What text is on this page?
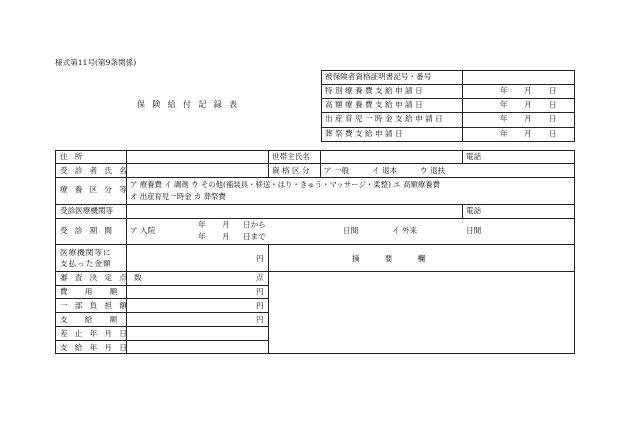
様式第11号(第9条関係)
保 険 給 付 記 録 表
被保険者資格証明書記号・番号
特 別 療 養 費 支 給 申 請 日	年 月 日
高 額 療 養 費 支 給 申 請 日	年 月 日
出 産 育 児 一 時 金 支 給 申 請 日	年 月 日
葬 祭 費 支 給 申 請 日	年 月 日
住 所	世帯主氏名	電話
受 診 者 氏 名	資 格 区 分 ア 一般　　　イ 退本　　　ウ 退扶
療 養 区 分 等
ア 療養費 イ 調剤 ウ その他(補装具・移送・はり・きゅう・マッサージ・柔整) エ 高額療養費
オ 出産育児一時金 カ 葬祭費
受診医療機関等	電話
受 診 期 間 ア 入院
年 月 日から
年 月 日まで
日間	イ 外来	日間
医療機関等に
支払った金額
円	摘 要 欄
審 査 決 定 点 数	点
費 用 額	円
一 部 負 担 額	円
支 給 額	円
差 止 年 月 日
支 給 年 月 日
